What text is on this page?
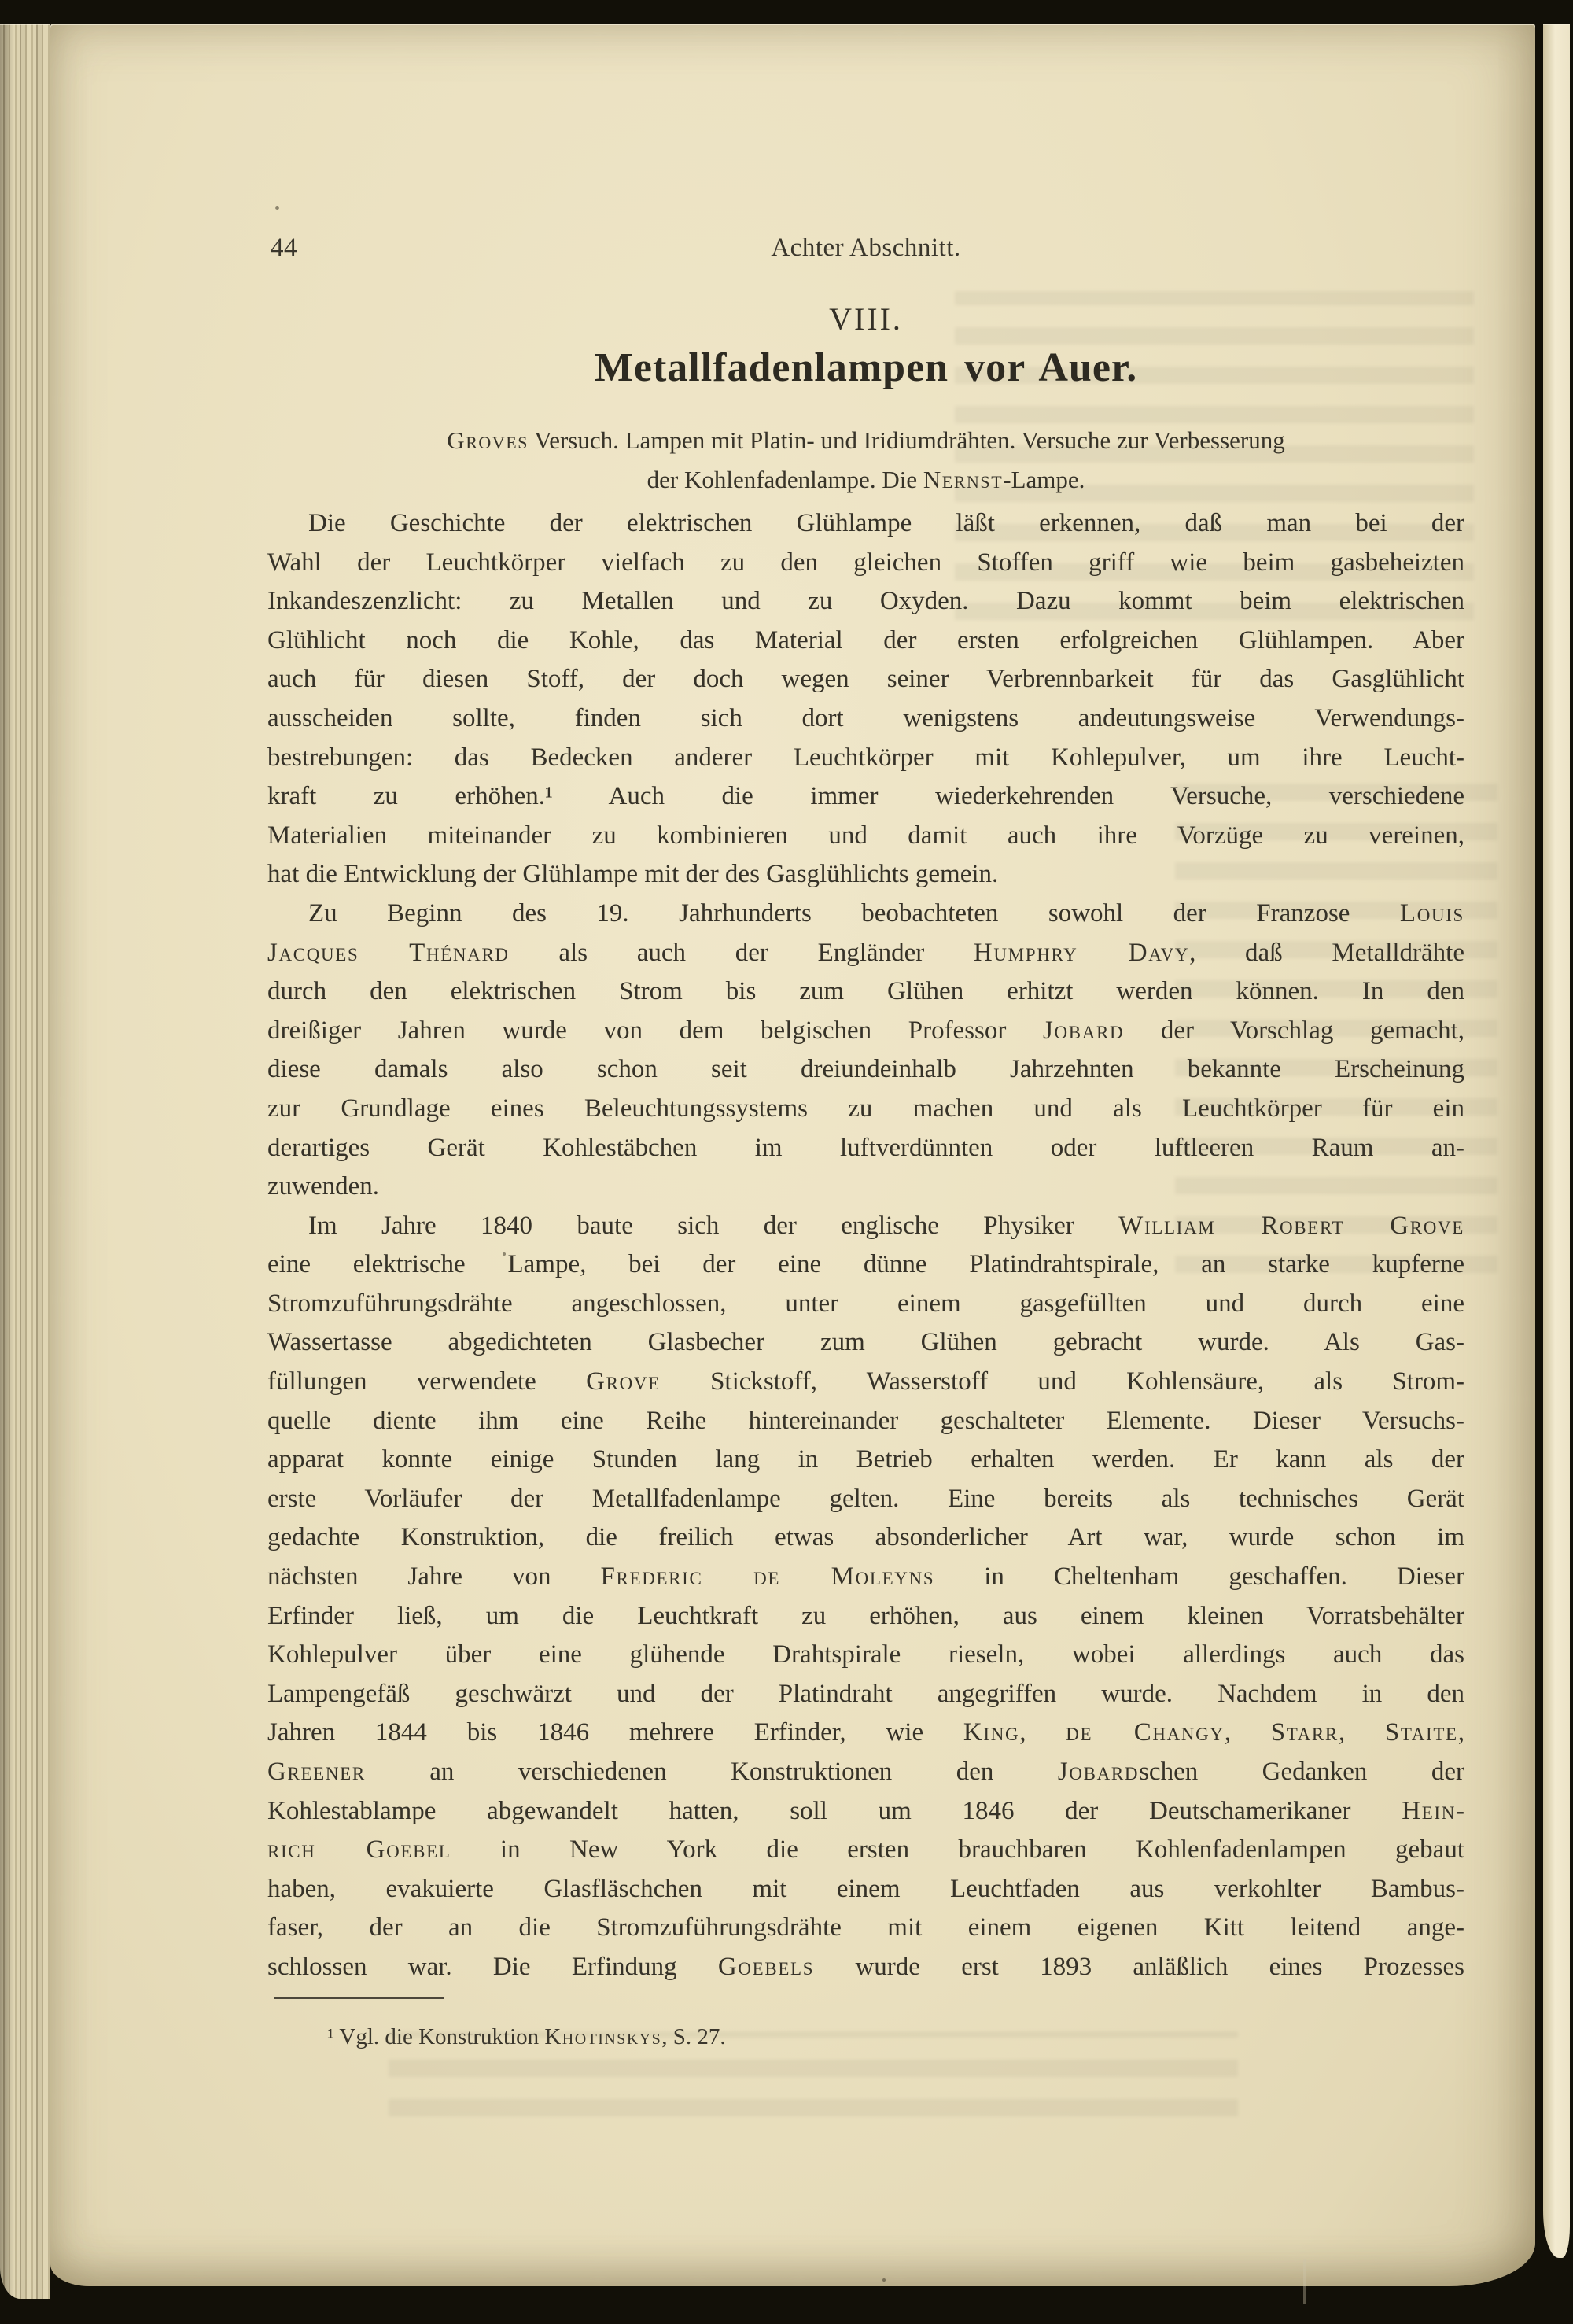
44	Achter Abschnitt.
VIII.
Metallfadenlampen vor Auer.
Groves Versuch. Lampen mit Platin- und Iridiumdrähten. Versuche zur Verbesserung
der Kohlenfadenlampe. Die Nernst-Lampe.
Die Geschichte der elektrischen Glühlampe läßt erkennen, daß man bei der
Wahl der Leuchtkörper vielfach zu den gleichen Stoffen griff wie beim gasbeheizten
Inkandeszenzlicht: zu Metallen und zu Oxyden. Dazu kommt beim elektrischen
Glühlicht noch die Kohle, das Material der ersten erfolgreichen Glühlampen. Aber
auch für diesen Stoff, der doch wegen seiner Verbrennbarkeit für das Gasglühlicht
ausscheiden sollte, finden sich dort wenigstens andeutungsweise Verwendungs-
bestrebungen: das Bedecken anderer Leuchtkörper mit Kohlepulver, um ihre Leucht-
kraft zu erhöhen.¹ Auch die immer wiederkehrenden Versuche, verschiedene
Materialien miteinander zu kombinieren und damit auch ihre Vorzüge zu vereinen,
hat die Entwicklung der Glühlampe mit der des Gasglühlichts gemein.
Zu Beginn des 19. Jahrhunderts beobachteten sowohl der Franzose Louis
Jacques Thénard als auch der Engländer Humphry Davy, daß Metalldrähte
durch den elektrischen Strom bis zum Glühen erhitzt werden können. In den
dreißiger Jahren wurde von dem belgischen Professor Jobard der Vorschlag gemacht,
diese damals also schon seit dreiundeinhalb Jahrzehnten bekannte Erscheinung
zur Grundlage eines Beleuchtungssystems zu machen und als Leuchtkörper für ein
derartiges Gerät Kohlestäbchen im luftverdünnten oder luftleeren Raum an-
zuwenden.
Im Jahre 1840 baute sich der englische Physiker William Robert Grove
eine elektrische Lampe, bei der eine dünne Platindrahtspirale, an starke kupferne
Stromzuführungsdrähte angeschlossen, unter einem gasgefüllten und durch eine
Wassertasse abgedichteten Glasbecher zum Glühen gebracht wurde. Als Gas-
füllungen verwendete Grove Stickstoff, Wasserstoff und Kohlensäure, als Strom-
quelle diente ihm eine Reihe hintereinander geschalteter Elemente. Dieser Versuchs-
apparat konnte einige Stunden lang in Betrieb erhalten werden. Er kann als der
erste Vorläufer der Metallfadenlampe gelten. Eine bereits als technisches Gerät
gedachte Konstruktion, die freilich etwas absonderlicher Art war, wurde schon im
nächsten Jahre von Frederic de Moleyns in Cheltenham geschaffen. Dieser
Erfinder ließ, um die Leuchtkraft zu erhöhen, aus einem kleinen Vorratsbehälter
Kohlepulver über eine glühende Drahtspirale rieseln, wobei allerdings auch das
Lampengefäß geschwärzt und der Platindraht angegriffen wurde. Nachdem in den
Jahren 1844 bis 1846 mehrere Erfinder, wie King, de Changy, Starr, Staite,
Greener an verschiedenen Konstruktionen den Jobardschen Gedanken der
Kohlestablampe abgewandelt hatten, soll um 1846 der Deutschamerikaner Hein-
rich Goebel in New York die ersten brauchbaren Kohlenfadenlampen gebaut
haben, evakuierte Glasfläschchen mit einem Leuchtfaden aus verkohlter Bambus-
faser, der an die Stromzuführungsdrähte mit einem eigenen Kitt leitend ange-
schlossen war. Die Erfindung Goebels wurde erst 1893 anläßlich eines Prozesses
¹ Vgl. die Konstruktion Khotinskys, S. 27.
